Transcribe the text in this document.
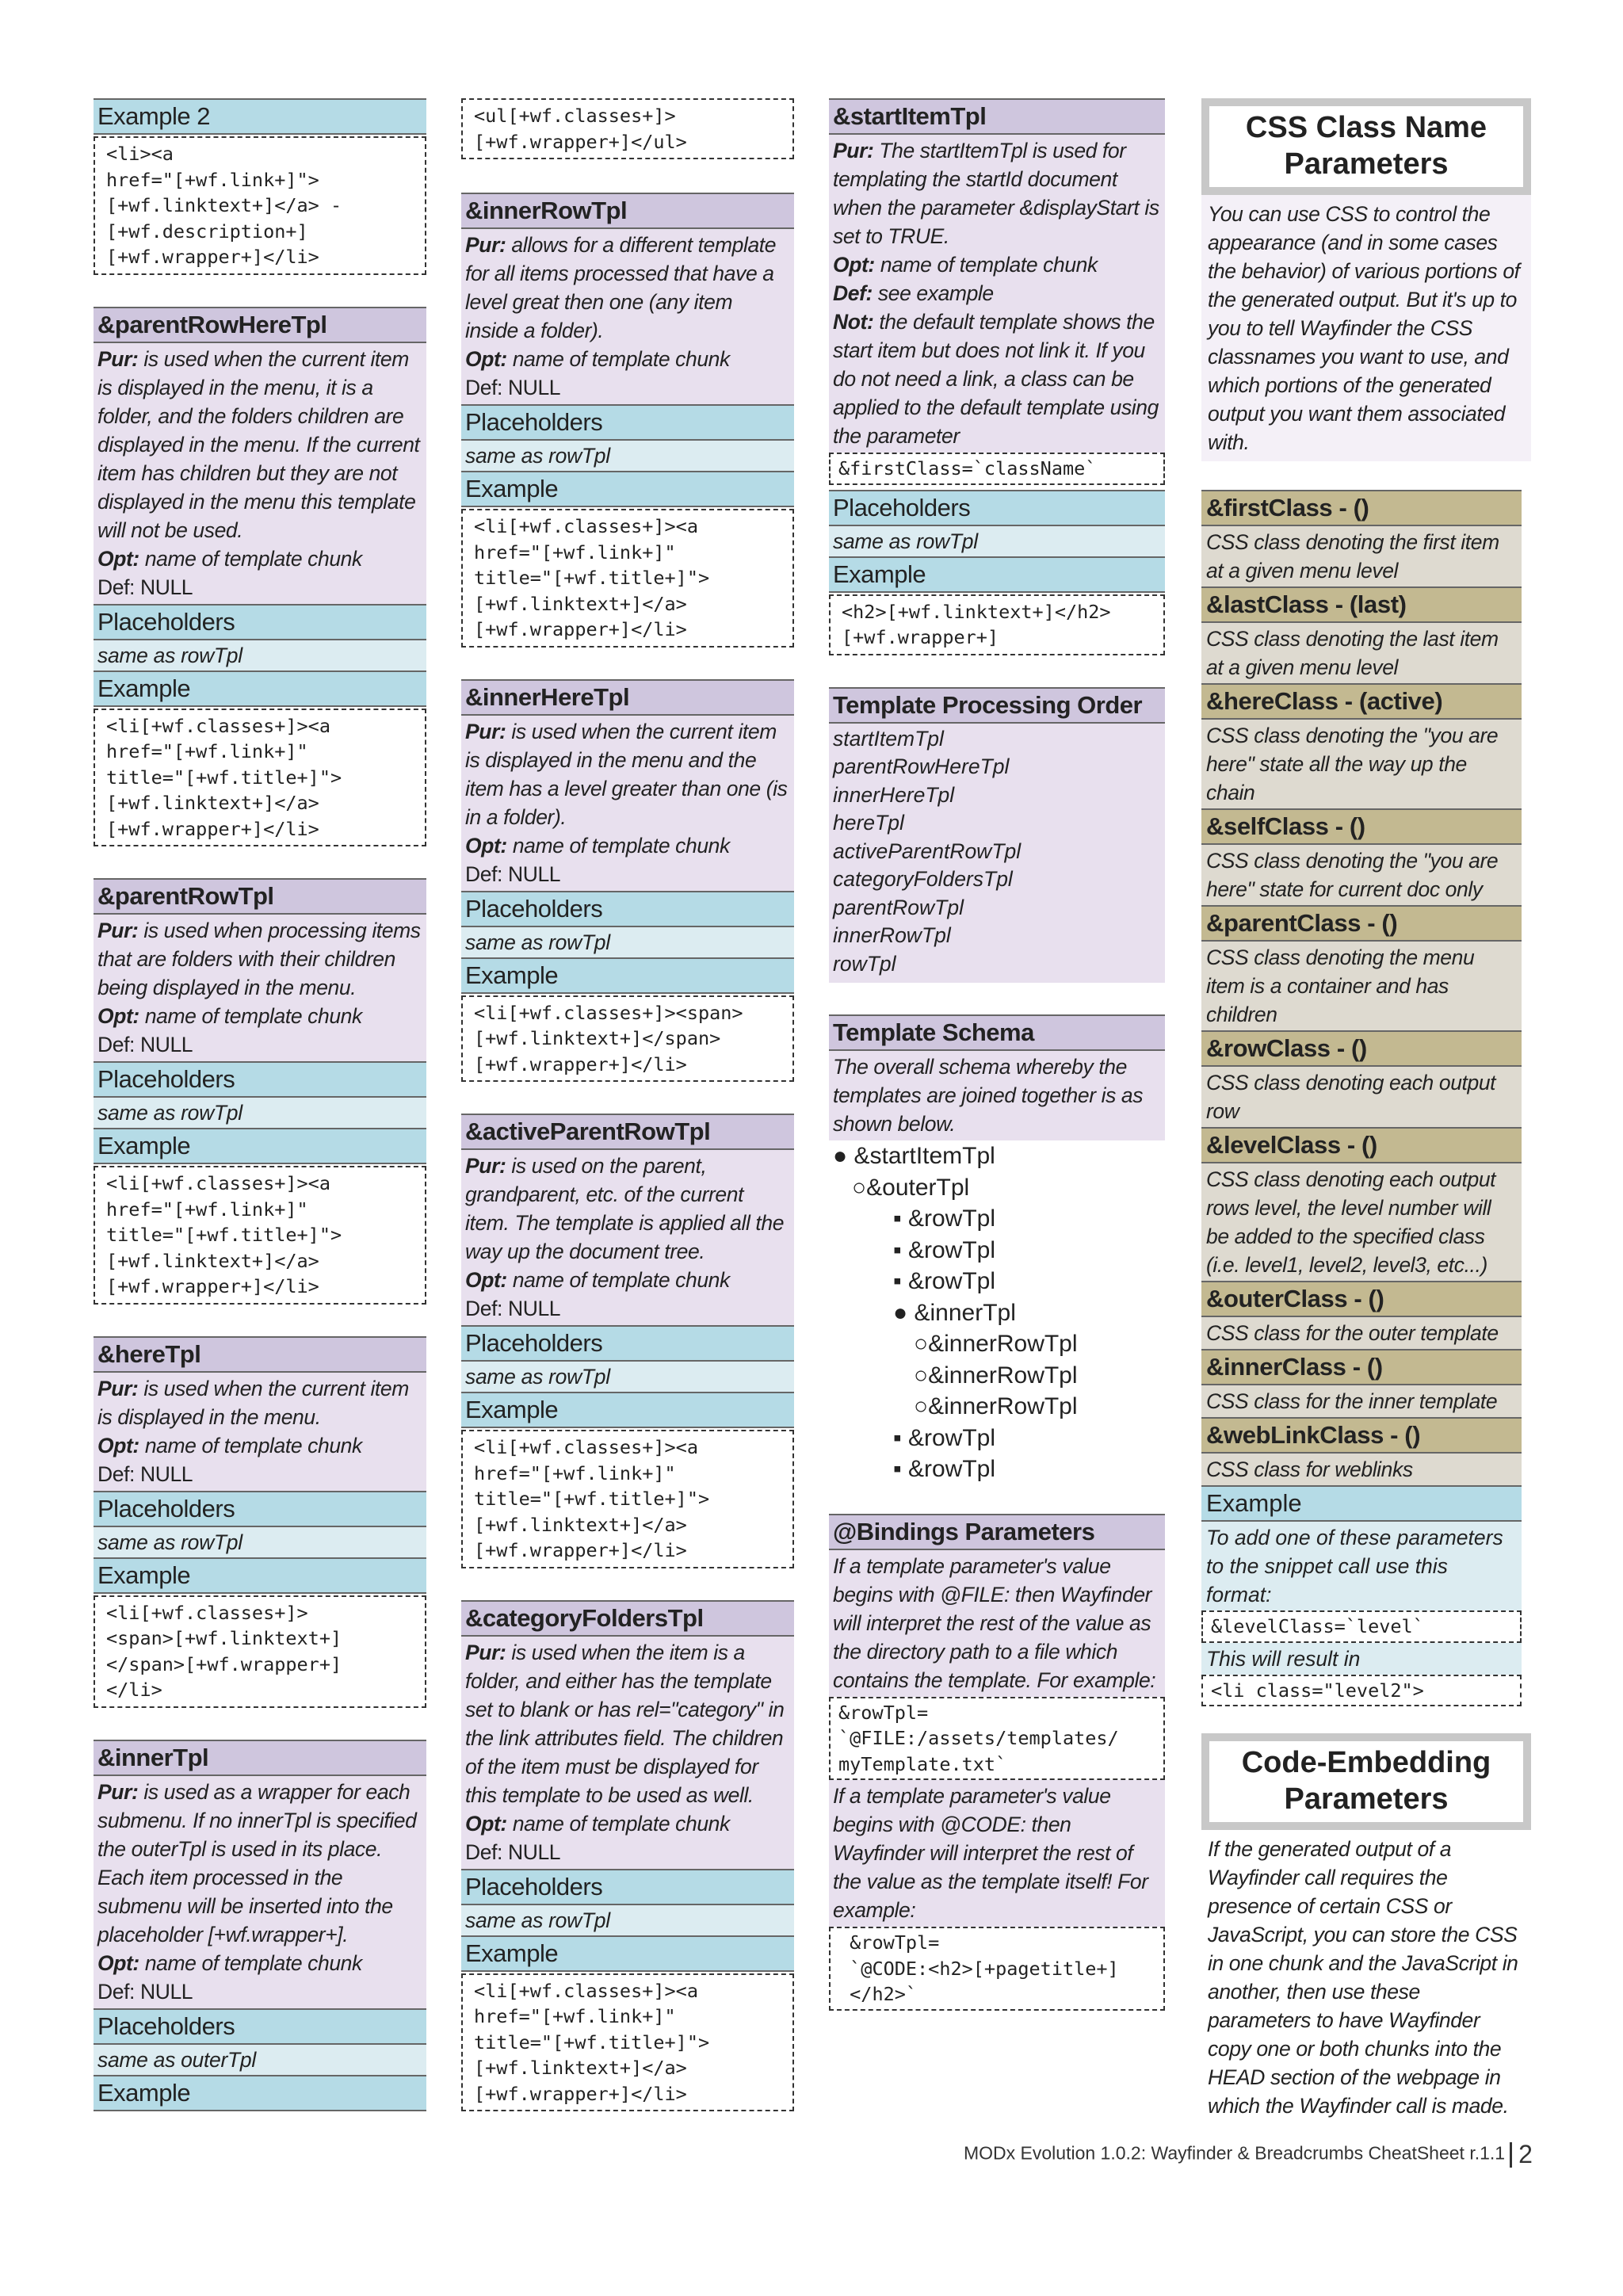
Example 2
<li><a
href="[+wf.link+]">
[+wf.linktext+]</a> -
[+wf.description+]
[+wf.wrapper+]</li>
&parentRowHereTpl
Pur: is used when the current item is displayed in the menu, it is a folder, and the folders children are displayed in the menu. If the current item has children but they are not displayed in the menu this template will not be used.
Opt: name of template chunk
Def: NULL
Placeholders
same as rowTpl
Example
<li[+wf.classes+]><a
href="[+wf.link+]"
title="[+wf.title+]">
[+wf.linktext+]</a>
[+wf.wrapper+]</li>
&parentRowTpl
Pur: is used when processing items that are folders with their children being displayed in the menu.
Opt: name of template chunk
Def: NULL
Placeholders
same as rowTpl
Example
<li[+wf.classes+]><a
href="[+wf.link+]"
title="[+wf.title+]">
[+wf.linktext+]</a>
[+wf.wrapper+]</li>
&hereTpl
Pur: is used when the current item is displayed in the menu.
Opt: name of template chunk
Def: NULL
Placeholders
same as rowTpl
Example
<li[+wf.classes+]>
<span>[+wf.linktext+]
</span>[+wf.wrapper+]
</li>
&innerTpl
Pur: is used as a wrapper for each submenu. If no innerTpl is specified the outerTpl is used in its place. Each item processed in the submenu will be inserted into the placeholder [+wf.wrapper+].
Opt: name of template chunk
Def: NULL
Placeholders
same as outerTpl
Example
<ul[+wf.classes+]>
[+wf.wrapper+]</ul>
&innerRowTpl
Pur: allows for a different template for all items processed that have a level great then one (any item inside a folder).
Opt: name of template chunk
Def: NULL
Placeholders
same as rowTpl
Example
<li[+wf.classes+]><a
href="[+wf.link+]"
title="[+wf.title+]">
[+wf.linktext+]</a>
[+wf.wrapper+]</li>
&innerHereTpl
Pur: is used when the current item is displayed in the menu and the item has a level greater than one (is in a folder).
Opt: name of template chunk
Def: NULL
Placeholders
same as rowTpl
Example
<li[+wf.classes+]><span>
[+wf.linktext+]</span>
[+wf.wrapper+]</li>
&activeParentRowTpl
Pur: is used on the parent, grandparent, etc. of the current item. The template is applied all the way up the document tree.
Opt: name of template chunk
Def: NULL
Placeholders
same as rowTpl
Example
<li[+wf.classes+]><a
href="[+wf.link+]"
title="[+wf.title+]">
[+wf.linktext+]</a>
[+wf.wrapper+]</li>
&categoryFoldersTpl
Pur: is used when the item is a folder, and either has the template set to blank or has rel="category" in the link attributes field. The children of the item must be displayed for this template to be used as well.
Opt: name of template chunk
Def: NULL
Placeholders
same as rowTpl
Example
<li[+wf.classes+]><a
href="[+wf.link+]"
title="[+wf.title+]">
[+wf.linktext+]</a>
[+wf.wrapper+]</li>
&startItemTpl
Pur: The startItemTpl is used for templating the startId document when the parameter &displayStart is set to TRUE.
Opt: name of template chunk
Def: see example
Not: the default template shows the start item but does not link it. If you do not need a link, a class can be applied to the default template using the parameter
&firstClass=`className`
Placeholders
same as rowTpl
Example
<h2>[+wf.linktext+]</h2>
[+wf.wrapper+]
Template Processing Order
startItemTpl
parentRowHereTpl
innerHereTpl
hereTpl
activeParentRowTpl
categoryFoldersTpl
parentRowTpl
innerRowTpl
rowTpl
Template Schema
The overall schema whereby the templates are joined together is as shown below.
● &startItemTpl
○&outerTpl
▪ &rowTpl
▪ &rowTpl
▪ &rowTpl
● &innerTpl
○&innerRowTpl
○&innerRowTpl
○&innerRowTpl
▪ &rowTpl
▪ &rowTpl
@Bindings Parameters
If a template parameter's value begins with @FILE: then Wayfinder will interpret the rest of the value as the directory path to a file which contains the template. For example:
&rowTpl=
`@FILE:/assets/templates/
myTemplate.txt`
If a template parameter's value begins with @CODE: then Wayfinder will interpret the rest of the value as the template itself! For example:
&rowTpl=
`@CODE:<h2>[+pagetitle+]
</h2>`
CSS Class Name Parameters
You can use CSS to control the appearance (and in some cases the behavior) of various portions of the generated output. But it's up to you to tell Wayfinder the CSS classnames you want to use, and which portions of the generated output you want them associated with.
&firstClass - ()
CSS class denoting the first item at a given menu level
&lastClass - (last)
CSS class denoting the last item at a given menu level
&hereClass - (active)
CSS class denoting the "you are here" state all the way up the chain
&selfClass - ()
CSS class denoting the "you are here" state for current doc only
&parentClass - ()
CSS class denoting the menu item is a container and has children
&rowClass - ()
CSS class denoting each output row
&levelClass - ()
CSS class denoting each output rows level, the level number will be added to the specified class (i.e. level1, level2, level3, etc...)
&outerClass - ()
CSS class for the outer template
&innerClass - ()
CSS class for the inner template
&webLinkClass - ()
CSS class for weblinks
Example
To add one of these parameters to the snippet call use this format:
&levelClass=`level`
This will result in
<li class="level2">
Code-Embedding Parameters
If the generated output of a Wayfinder call requires the presence of certain CSS or JavaScript, you can store the CSS in one chunk and the JavaScript in another, then use these parameters to have Wayfinder copy one or both chunks into the HEAD section of the webpage in which the Wayfinder call is made.
MODx Evolution 1.0.2: Wayfinder & Breadcrumbs CheatSheet r.1.1 2
